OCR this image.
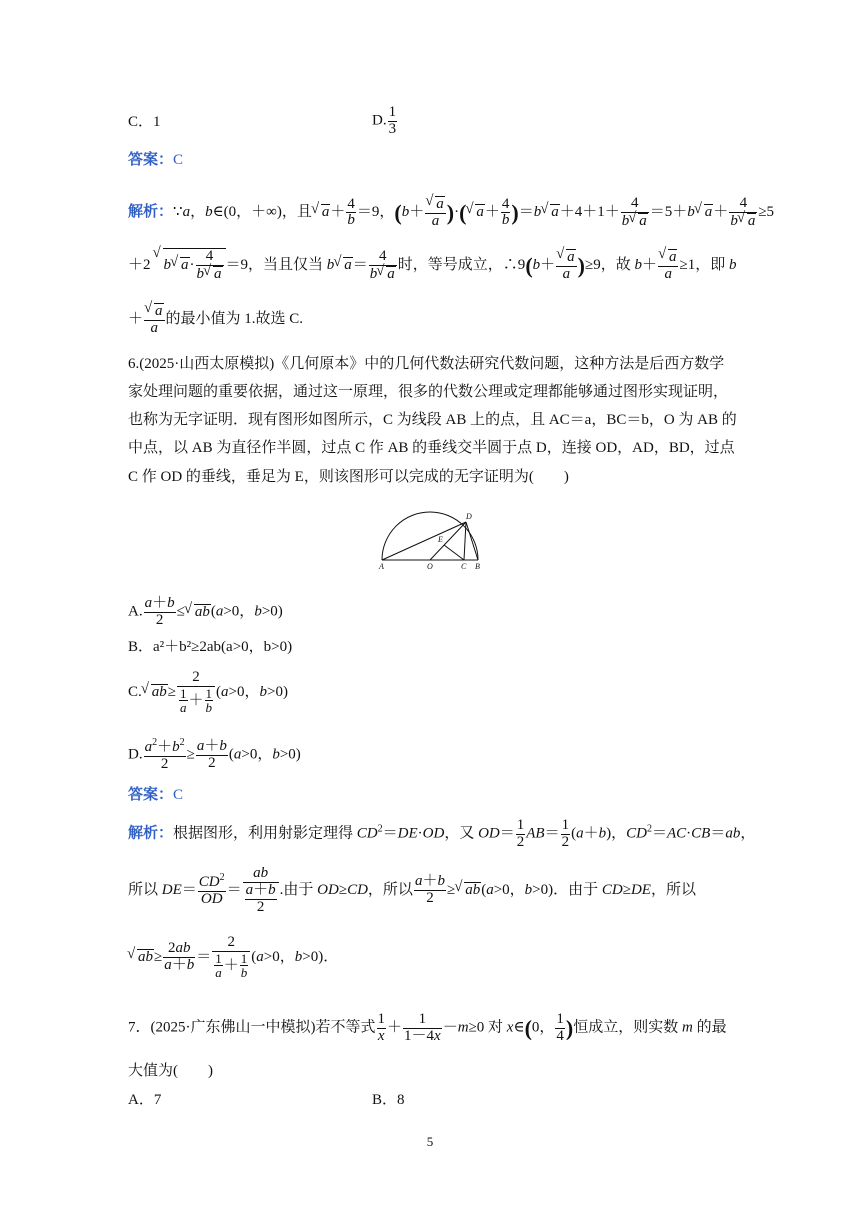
C．1	D. $\frac{1}{3}$
答案：C
解析：∵a，b∈(0，＋∞)，且√ $a+ \frac{4}{b} =9$，(b＋
√ $\frac{a}{a}$ )·(√ $a+ \frac{4}{b} )=b√$ $a+4+1+ \frac{4}{b√ a} =5+b√$ $a+ \frac{4}{b√ a} \ge 5$
＋2√ b√ $a\cdot \frac{4}{b√ a} =9$，当且仅当 b√ $a= \frac{4}{b√ a}$ 时，等号成立，∴9(b＋
√ $\frac{a}{a} )\ge 9$，故 b＋
√ $\frac{a}{a} \ge 1$，即 b
＋
√ $\frac{a}{a}$ 的最小值为 1.故选 C.
6.(2025·山西太原模拟)《几何原本》中的几何代数法研究代数问题，这种方法是后西方数学
家处理问题的重要依据，通过这一原理，很多的代数公理或定理都能够通过图形实现证明，
也称为无字证明．现有图形如图所示，C 为线段 AB 上的点，且 AC＝a，BC＝b，O 为 AB 的
中点，以 AB 为直径作半圆，过点 C 作 AB 的垂线交半圆于点 D，连接 OD，AD，BD，过点
C 作 OD 的垂线，垂足为 E，则该图形可以完成的无字证明为(　　)
A	O	C B
D
E
A. $\frac{a+b}{2}$ ≤√ ab(a>0，b>0)
B．a²＋b²≥2ab(a>0，b>0)
C.√ $ab\ge \frac{2}{\frac{1}{a} + \frac{1}{b}} (a>0$，b>0)
D. $\frac{a^2+b^2}{2} \ge \frac{a+b}{2} (a>0$，b>0)
答案：C
解析：根据图形，利用射影定理得 $CD^2=DE\cdot OD$，又 $OD= \frac{1}{2} AB= \frac{1}{2} (a+b)$，$CD^2=AC\cdot CB=ab$，
所以 $DE= \frac{CD^2}{OD} = \frac{ab}{\frac{a+b}{2}}$ .由于 OD≥CD，所以 $\frac{a+b}{2}$ ≥√ ab(a>0，b>0)．由于 CD≥DE，所以
√ $ab\ge \frac{2ab}{a+b} = \frac{2}{\frac{1}{a} + \frac{1}{b}} (a>0$，b>0)．
7．(2025·广东佛山一中模拟)若不等式 $\frac{1}{x} + \frac{1}{1-4x} -m\ge 0$ 对 x∈(0， $\frac{1}{4}$ )恒成立，则实数 m 的最
大值为(　　)
A．7	B．8
5
